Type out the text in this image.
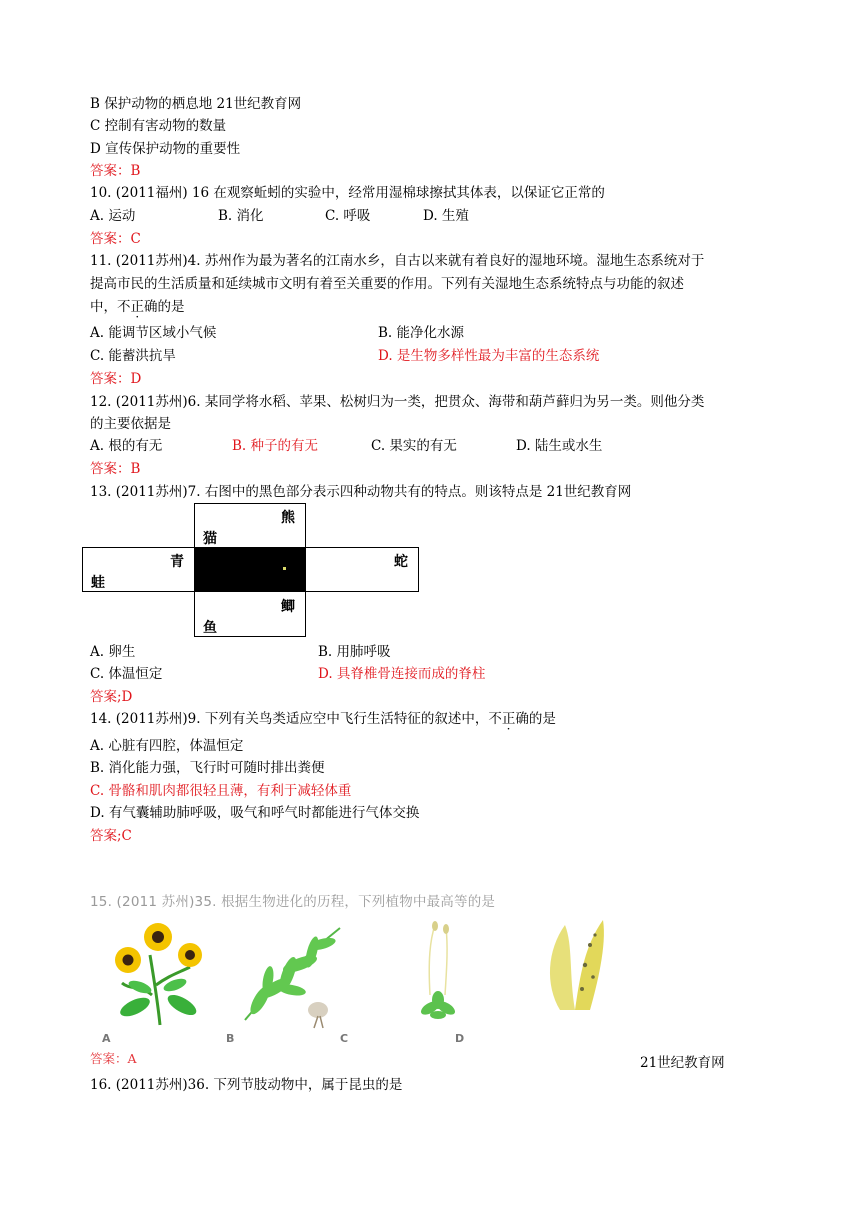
B 保护动物的栖息地 21世纪教育网
C 控制有害动物的数量
D 宣传保护动物的重要性
答案：B
10. (2011福州) 16 在观察蚯蚓的实验中，经常用湿棉球擦拭其体表，以保证它正常的
A. 运动	B. 消化	C. 呼吸	D. 生殖
答案：C
11. (2011苏州)4. 苏州作为最为著名的江南水乡，自古以来就有着良好的湿地环境。湿地生态系统对于
提高市民的生活质量和延续城市文明有着至关重要的作用。下列有关湿地生态系统特点与功能的叙述
中，不正确的是
A. 能调节区域小气候	B. 能净化水源
C. 能蓄洪抗旱	D. 是生物多样性最为丰富的生态系统
答案：D
12. (2011苏州)6. 某同学将水稻、苹果、松树归为一类，把贯众、海带和葫芦藓归为另一类。则他分类
的主要依据是
A. 根的有无	B. 种子的有无	C. 果实的有无	D. 陆生或水生
答案：B
13. (2011苏州)7. 右图中的黑色部分表示四种动物共有的特点。则该特点是 21世纪教育网
熊
猫
青
蛙
蛇
鲫
鱼
A. 卵生	B. 用肺呼吸
C. 体温恒定	D. 具脊椎骨连接而成的脊柱
答案;D
14. (2011苏州)9. 下列有关鸟类适应空中飞行生活特征的叙述中，不正确的是
A. 心脏有四腔，体温恒定
B. 消化能力强，飞行时可随时排出粪便
C. 骨骼和肌肉都很轻且薄，有利于减轻体重
D. 有气囊辅助肺呼吸，吸气和呼气时都能进行气体交换
答案;C
15. (2011 苏州)35. 根据生物进化的历程，下列植物中最高等的是
A	B	C	D
答案：A	21世纪教育网
16. (2011苏州)36. 下列节肢动物中，属于昆虫的是
